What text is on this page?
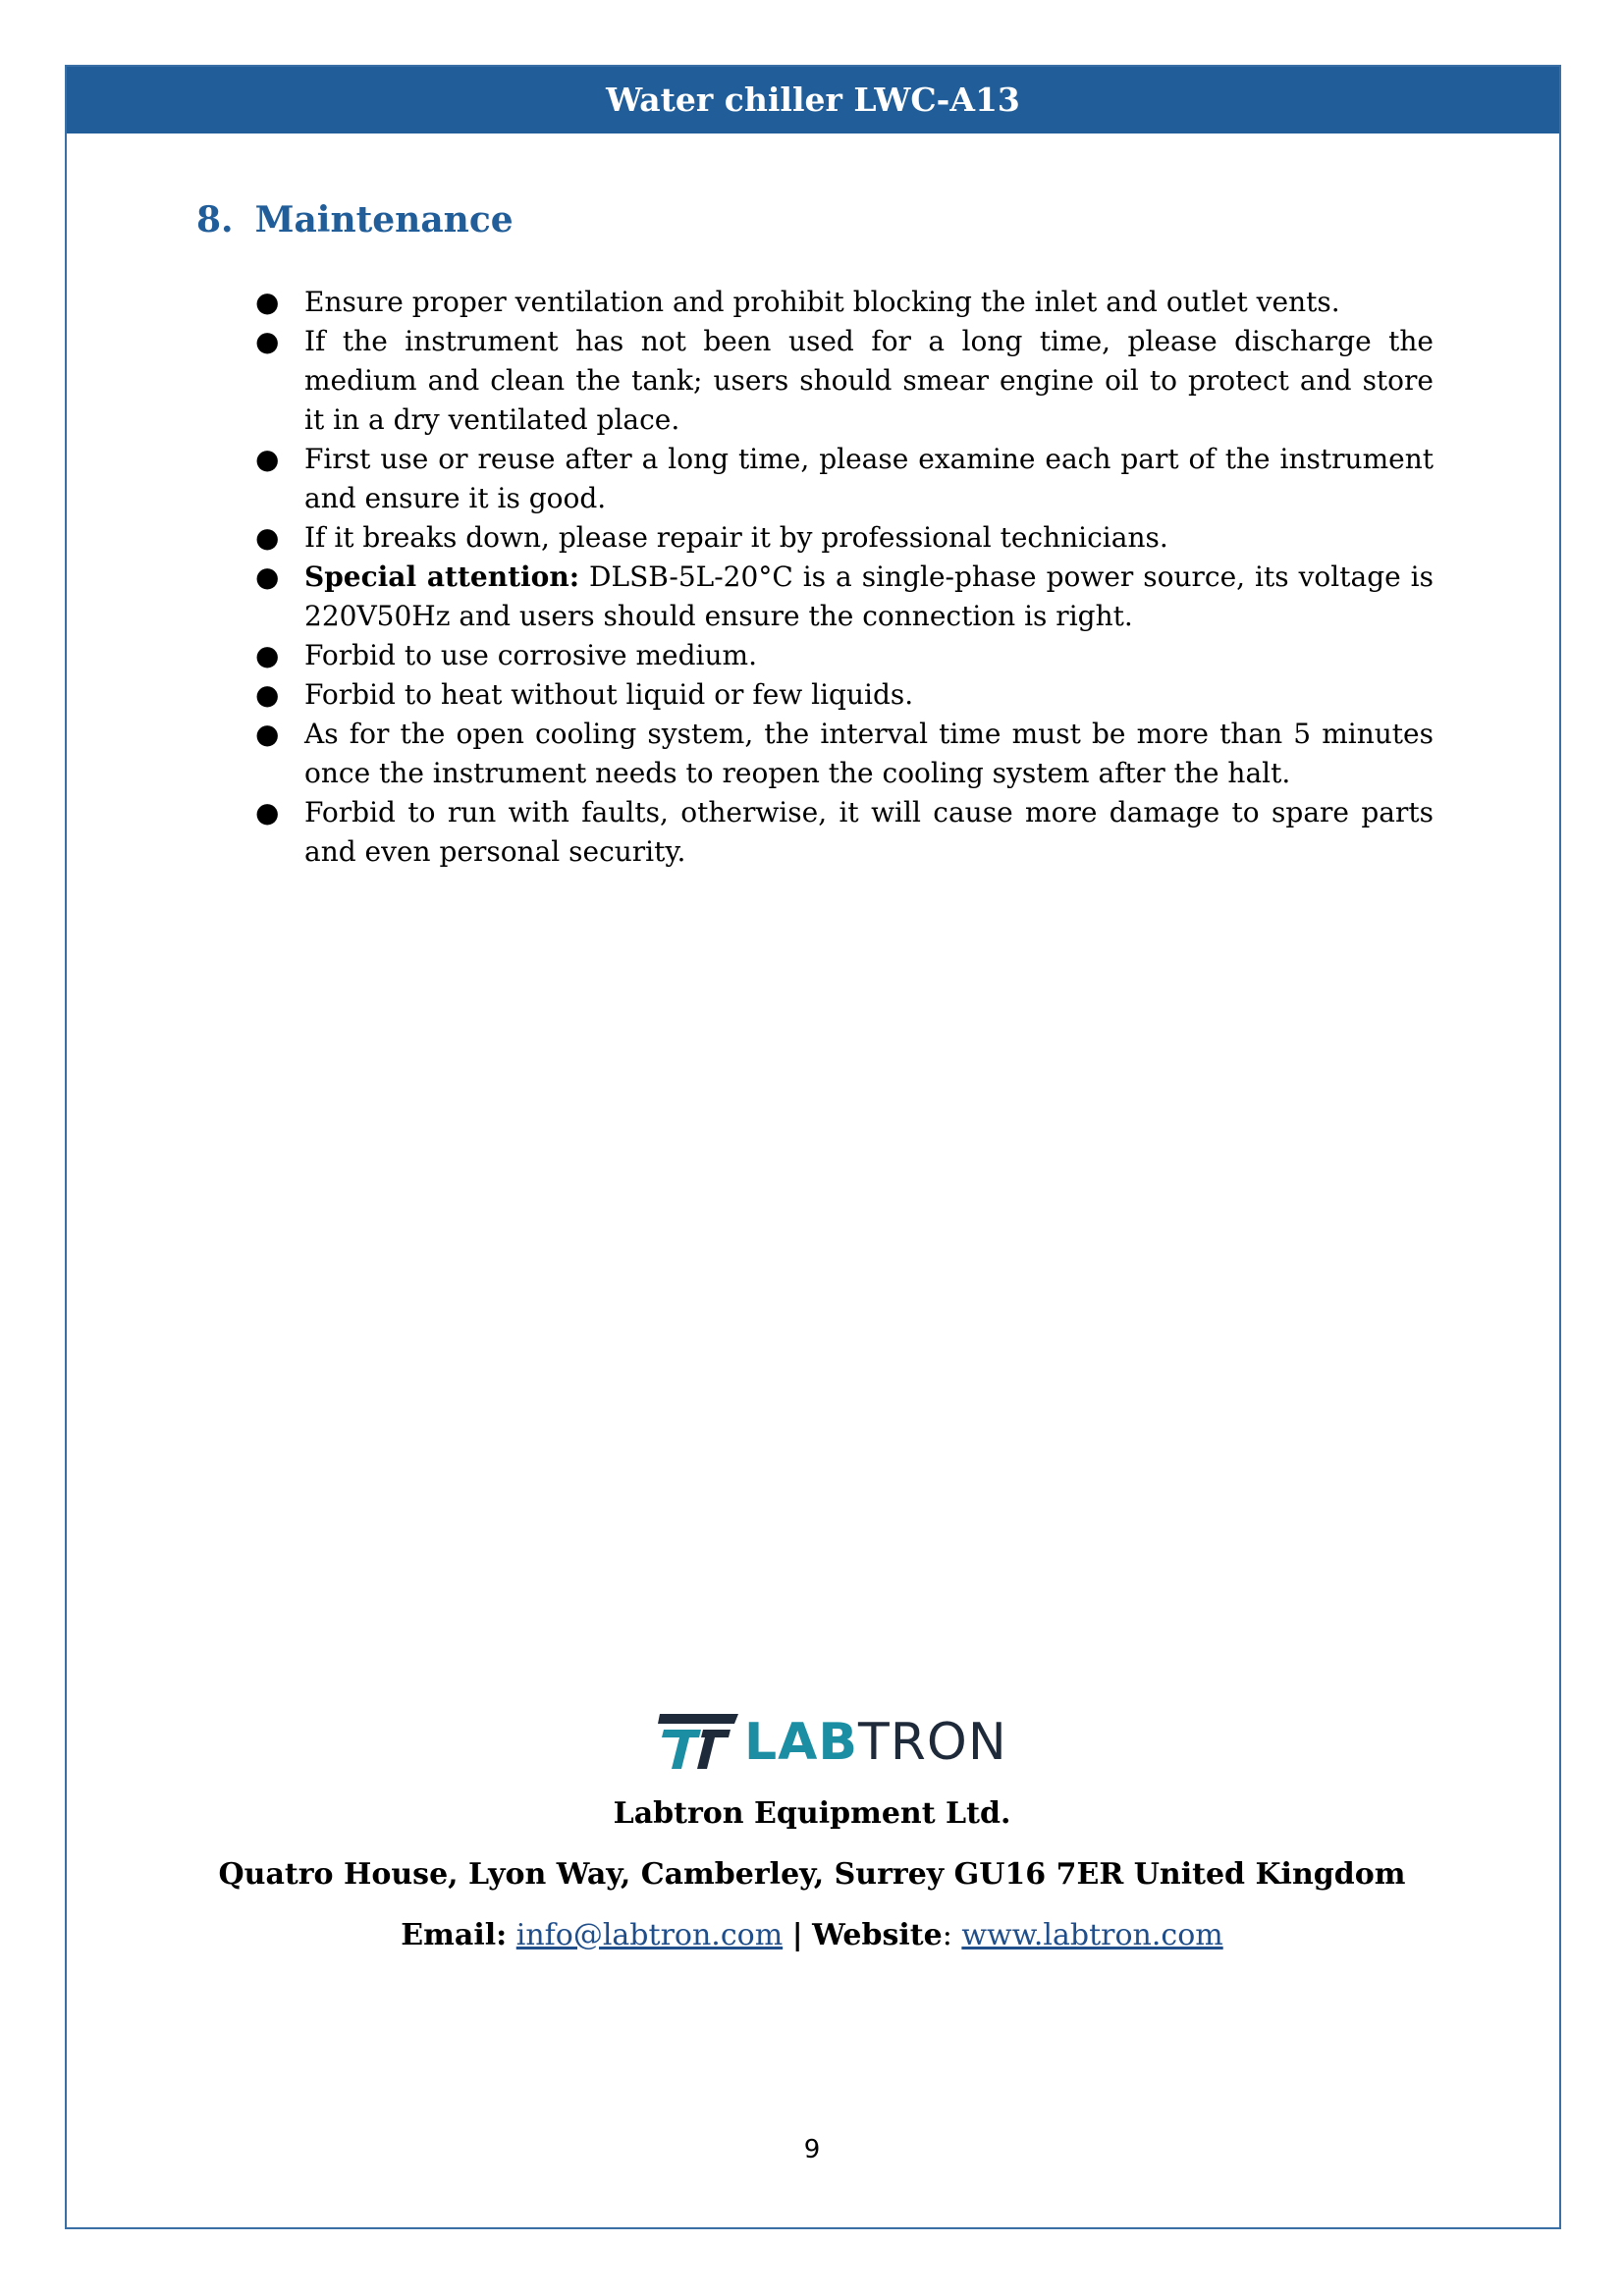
Water chiller LWC-A13
8. Maintenance
● Ensure proper ventilation and prohibit blocking the inlet and outlet vents.
● If the instrument has not been used for a long time, please discharge the medium and clean the tank; users should smear engine oil to protect and store it in a dry ventilated place.
● First use or reuse after a long time, please examine each part of the instrument and ensure it is good.
● If it breaks down, please repair it by professional technicians.
● Special attention: DLSB-5L-20°C is a single-phase power source, its voltage is 220V50Hz and users should ensure the connection is right.
● Forbid to use corrosive medium.
● Forbid to heat without liquid or few liquids.
● As for the open cooling system, the interval time must be more than 5 minutes once the instrument needs to reopen the cooling system after the halt.
● Forbid to run with faults, otherwise, it will cause more damage to spare parts and even personal security.
LABTRON
Labtron Equipment Ltd.
Quatro House, Lyon Way, Camberley, Surrey GU16 7ER United Kingdom
Email: info@labtron.com | Website: www.labtron.com
9
